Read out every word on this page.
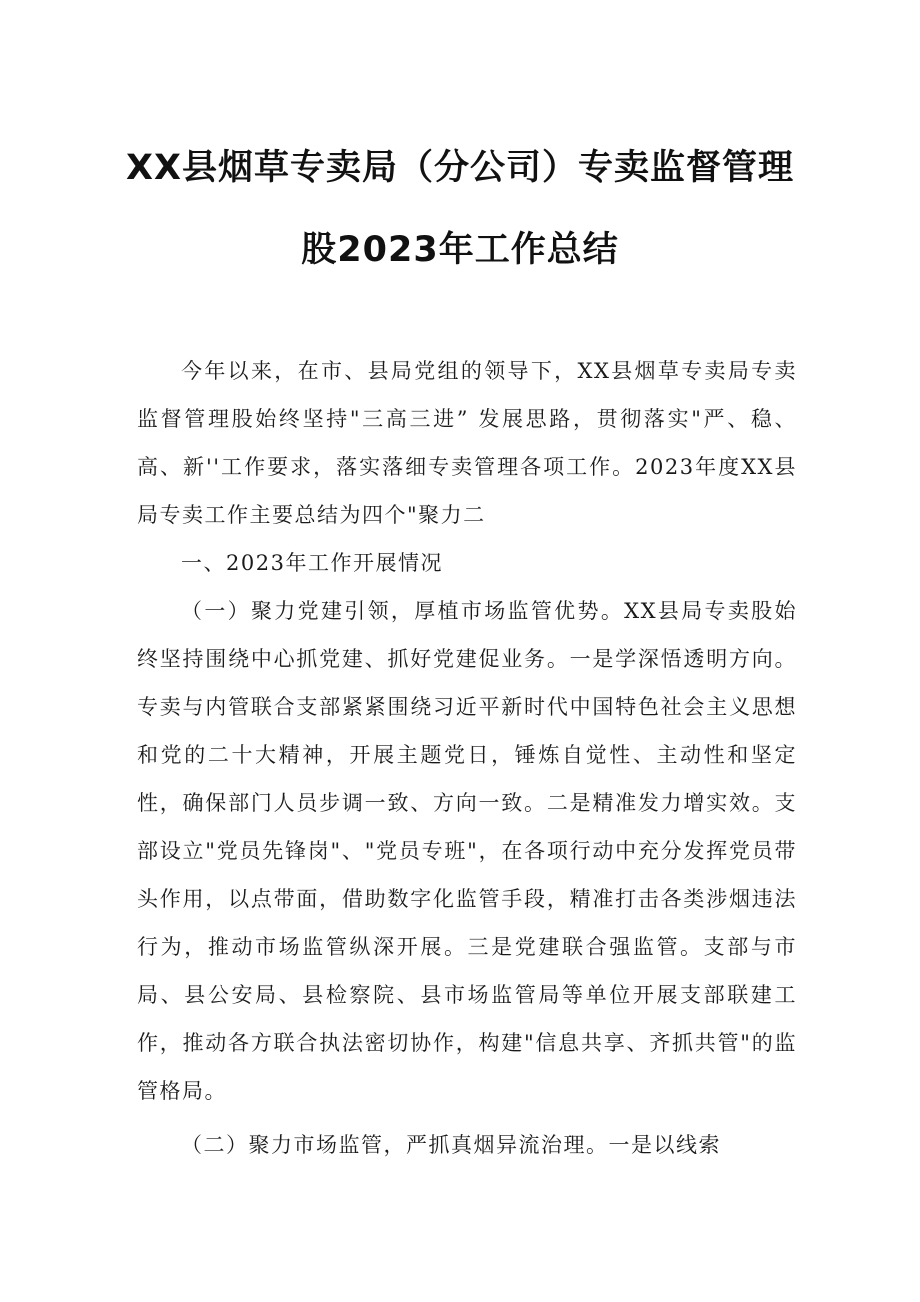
XX县烟草专卖局（分公司）专卖监督管理
股2023年工作总结

今年以来，在市、县局党组的领导下，XX县烟草专卖局专卖监督管理股始终坚持"三高三进” 发展思路，贯彻落实"严、稳、高、新''工作要求，落实落细专卖管理各项工作。2023年度XX县局专卖工作主要总结为四个"聚力二

一、2023年工作开展情况

（一）聚力党建引领，厚植市场监管优势。XX县局专卖股始终坚持围绕中心抓党建、抓好党建促业务。一是学深悟透明方向。专卖与内管联合支部紧紧围绕习近平新时代中国特色社会主义思想和党的二十大精神，开展主题党日，锤炼自觉性、主动性和坚定性，确保部门人员步调一致、方向一致。二是精准发力增实效。支部设立"党员先锋岗"、"党员专班"，在各项行动中充分发挥党员带头作用，以点带面，借助数字化监管手段，精准打击各类涉烟违法行为，推动市场监管纵深开展。三是党建联合强监管。支部与市局、县公安局、县检察院、县市场监管局等单位开展支部联建工作，推动各方联合执法密切协作，构建"信息共享、齐抓共管"的监管格局。

（二）聚力市场监管，严抓真烟异流治理。一是以线索
